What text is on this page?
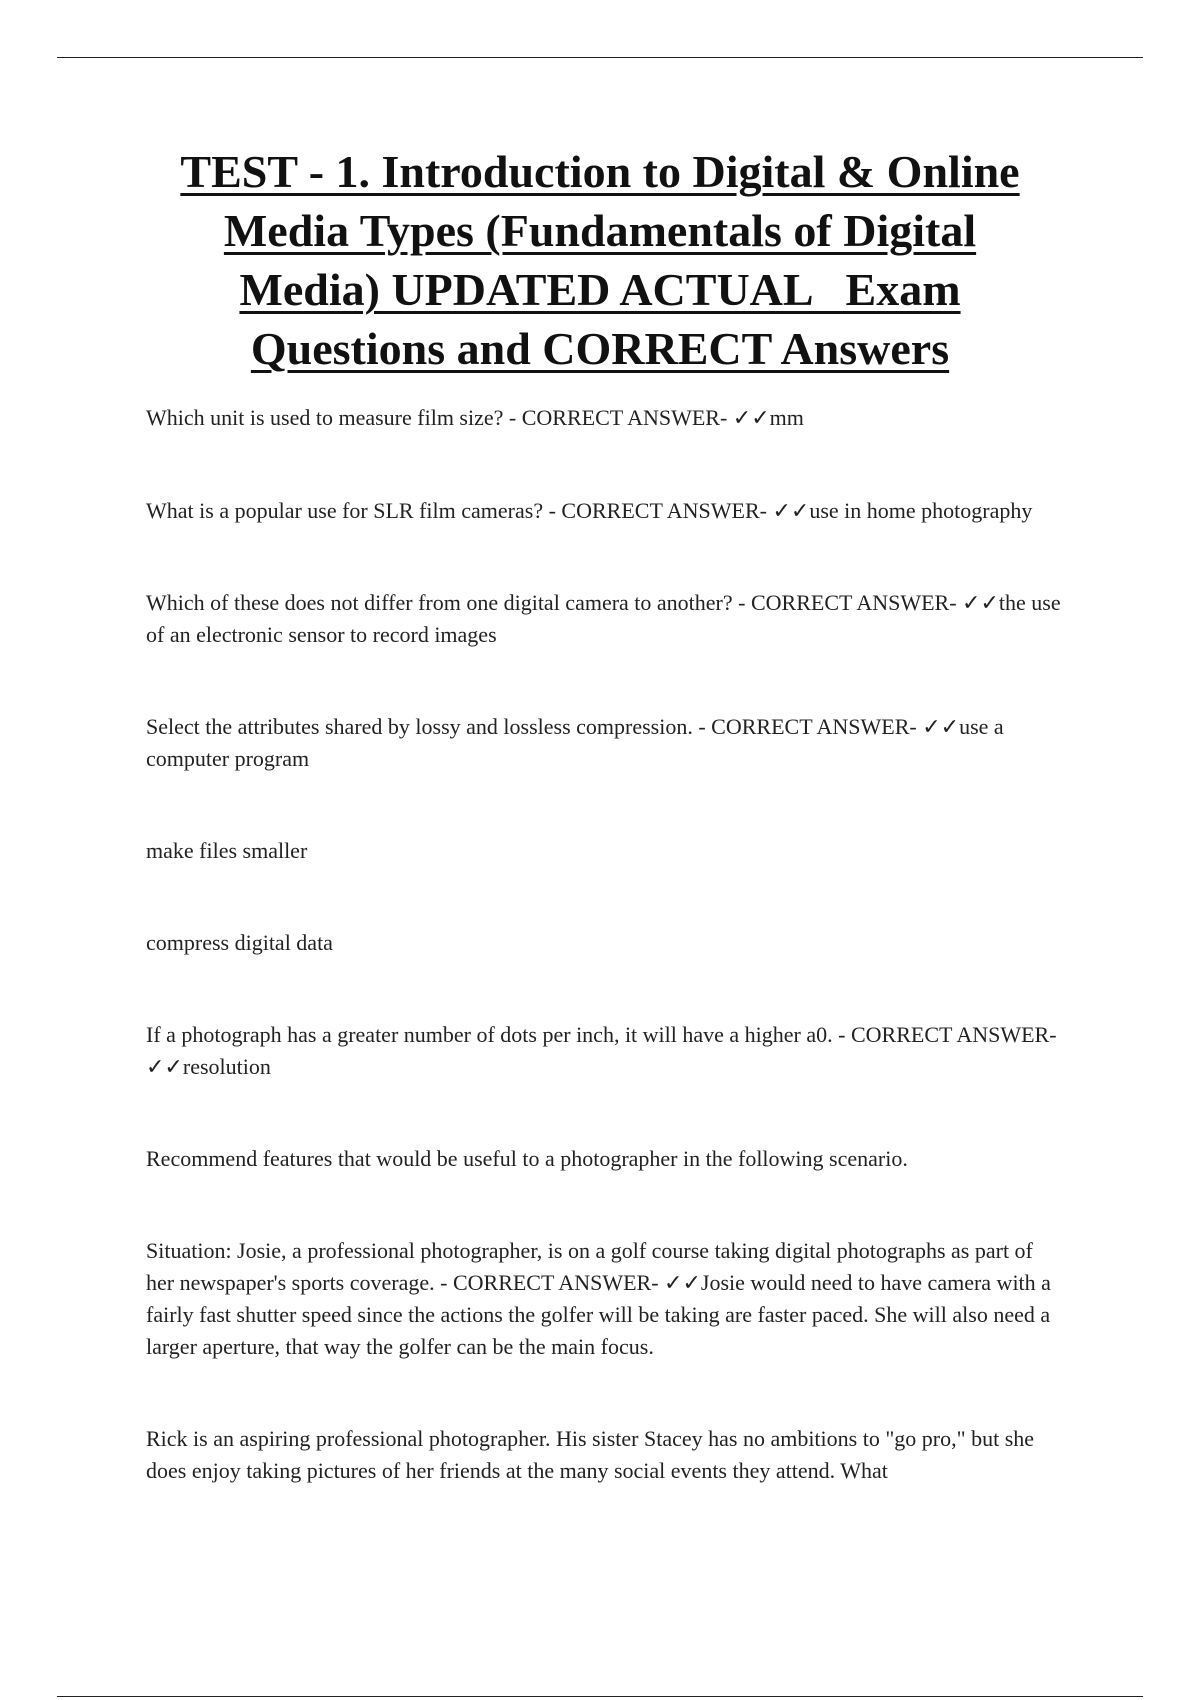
TEST - 1. Introduction to Digital & Online
Media Types (Fundamentals of Digital
Media) UPDATED ACTUAL   Exam
Questions and CORRECT Answers

Which unit is used to measure film size? - CORRECT ANSWER- ✓✓mm

What is a popular use for SLR film cameras? - CORRECT ANSWER- ✓✓use in home photography

Which of these does not differ from one digital camera to another? - CORRECT ANSWER- ✓✓the use of an electronic sensor to record images

Select the attributes shared by lossy and lossless compression. - CORRECT ANSWER- ✓✓use a computer program

make files smaller

compress digital data

If a photograph has a greater number of dots per inch, it will have a higher a0. - CORRECT ANSWER- ✓✓resolution

Recommend features that would be useful to a photographer in the following scenario.

Situation: Josie, a professional photographer, is on a golf course taking digital photographs as part of her newspaper's sports coverage. - CORRECT ANSWER- ✓✓Josie would need to have camera with a fairly fast shutter speed since the actions the golfer will be taking are faster paced. She will also need a larger aperture, that way the golfer can be the main focus.

Rick is an aspiring professional photographer. His sister Stacey has no ambitions to "go pro," but she does enjoy taking pictures of her friends at the many social events they attend. What
